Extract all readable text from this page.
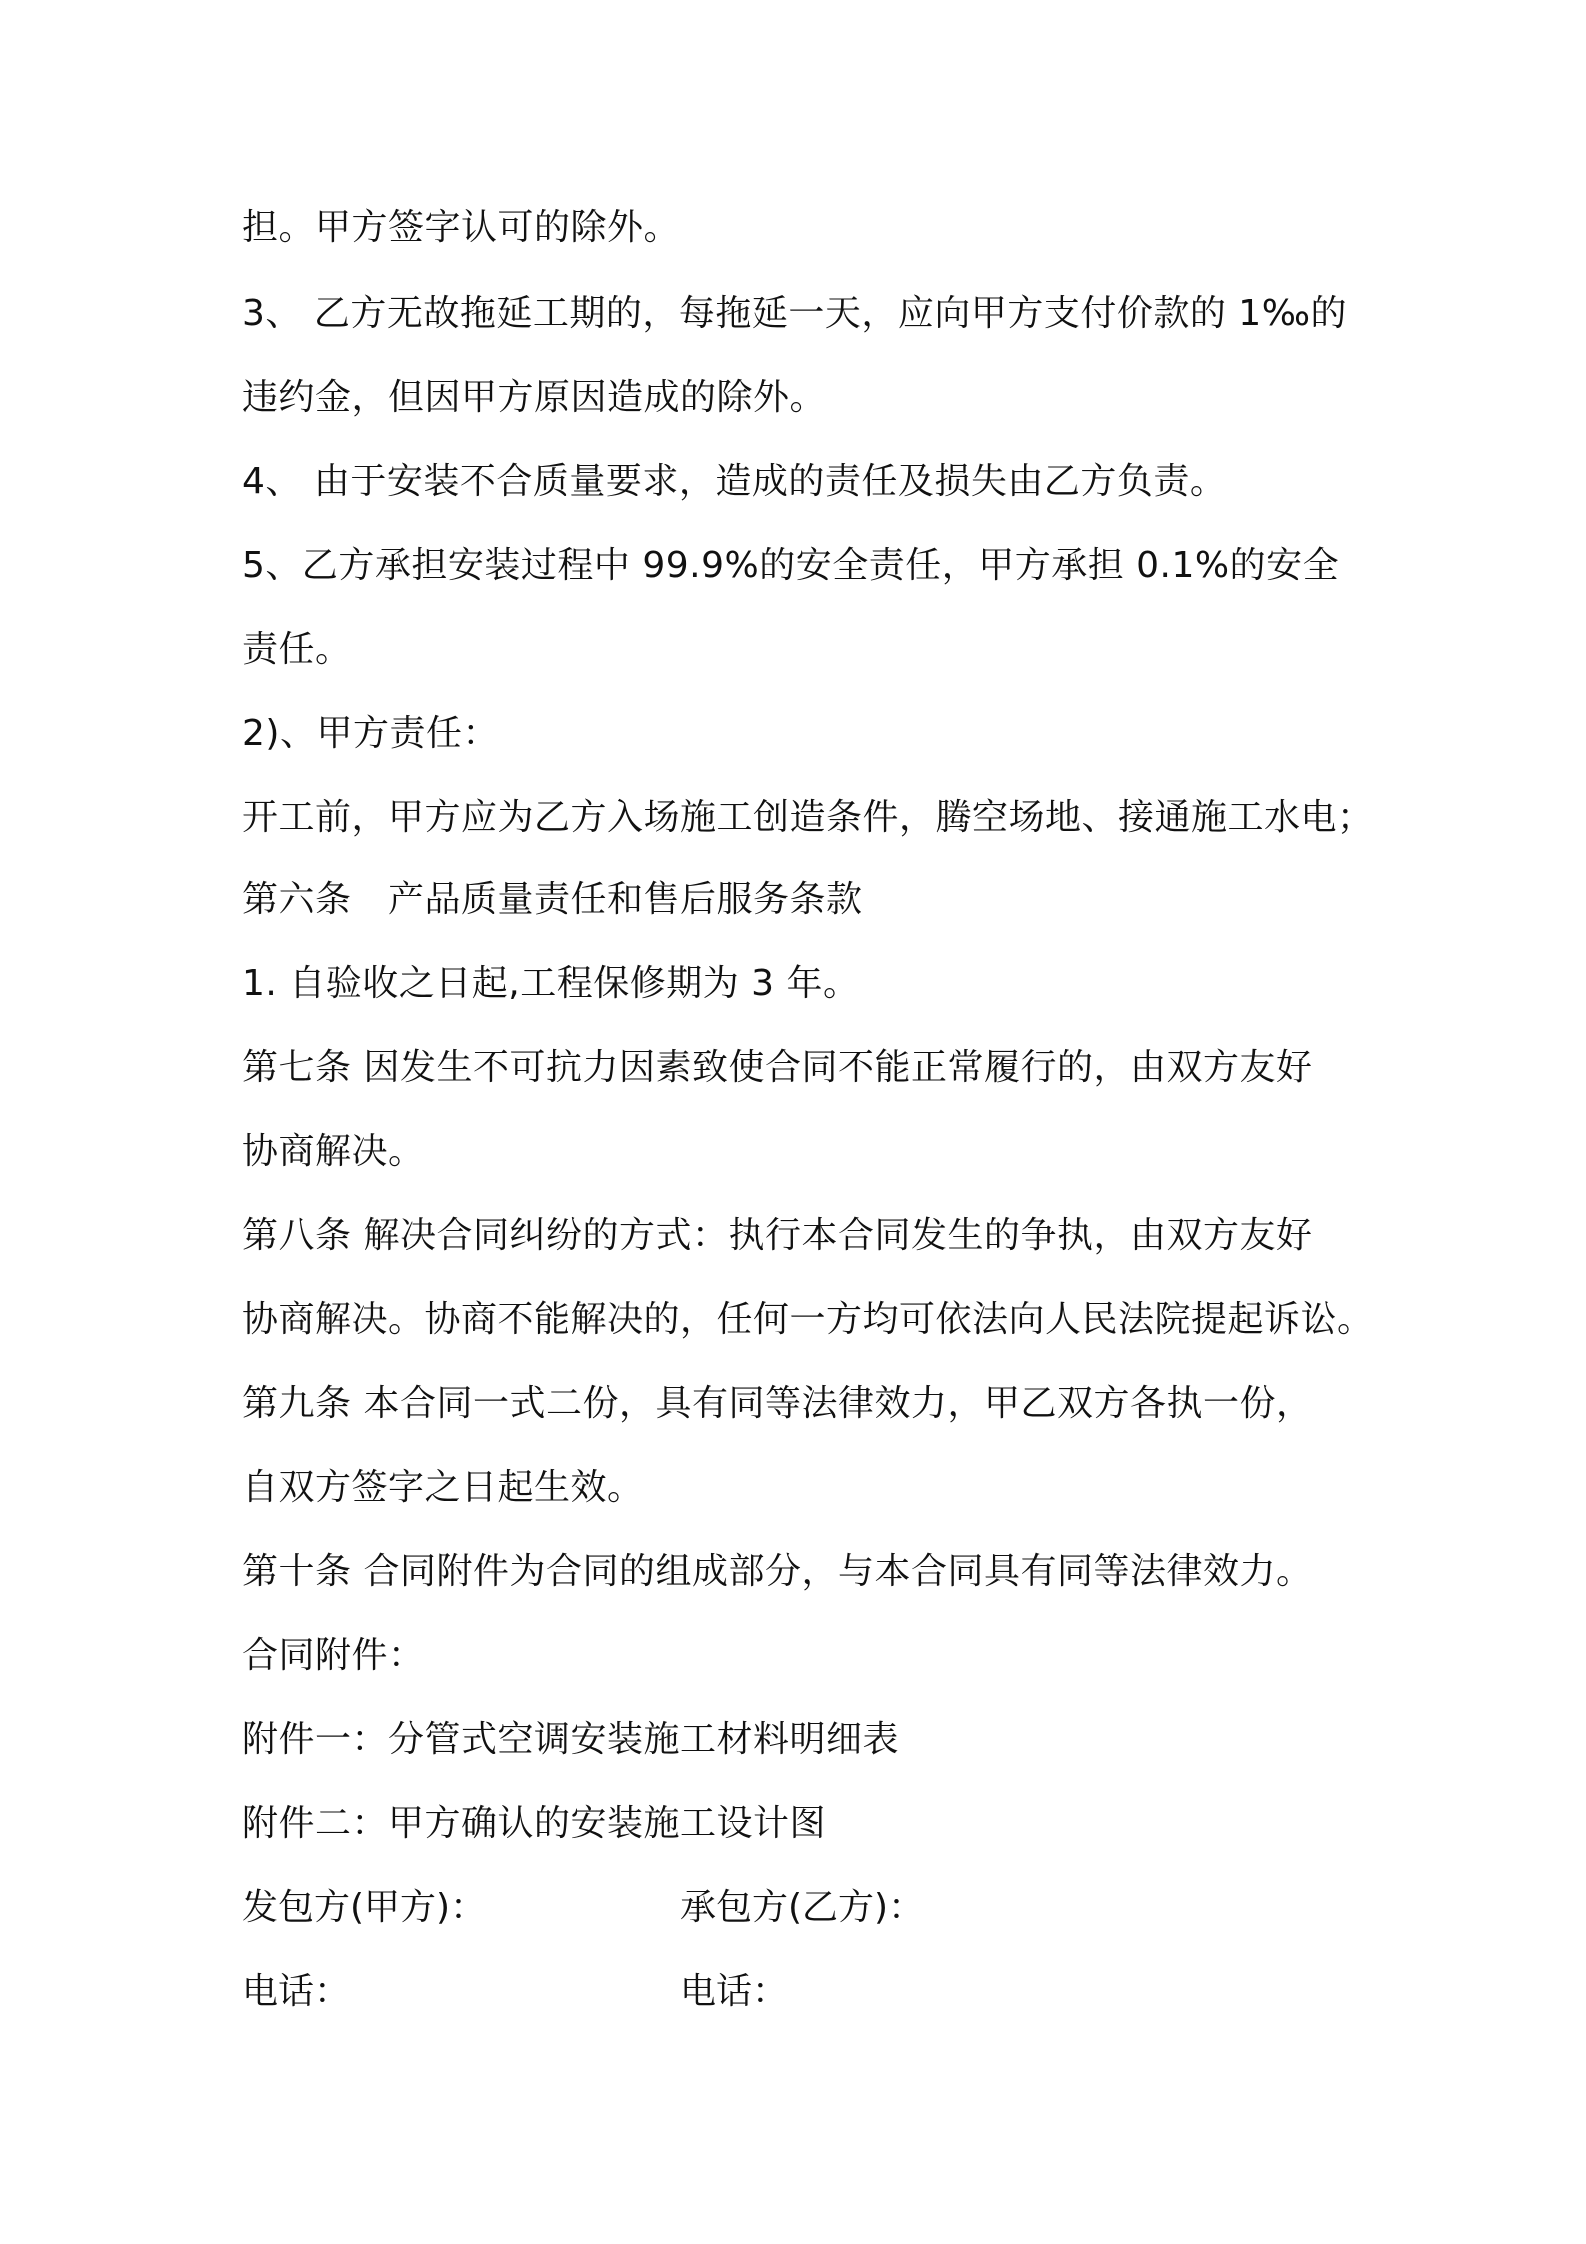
担。甲方签字认可的除外。
3、 乙方无故拖延工期的，每拖延一天，应向甲方支付价款的 1‰的
违约金，但因甲方原因造成的除外。
4、 由于安装不合质量要求，造成的责任及损失由乙方负责。
5、乙方承担安装过程中 99.9%的安全责任，甲方承担 0.1%的安全
责任。
2)、甲方责任：
开工前，甲方应为乙方入场施工创造条件，腾空场地、接通施工水电；
第六条　产品质量责任和售后服务条款
1. 自验收之日起,工程保修期为 3 年。
第七条 因发生不可抗力因素致使合同不能正常履行的，由双方友好
协商解决。
第八条 解决合同纠纷的方式：执行本合同发生的争执，由双方友好
协商解决。协商不能解决的，任何一方均可依法向人民法院提起诉讼。
第九条 本合同一式二份，具有同等法律效力，甲乙双方各执一份，
自双方签字之日起生效。
第十条 合同附件为合同的组成部分，与本合同具有同等法律效力。
合同附件：
附件一：分管式空调安装施工材料明细表
附件二：甲方确认的安装施工设计图
发包方(甲方)：	承包方(乙方)：
电话：	电话：
